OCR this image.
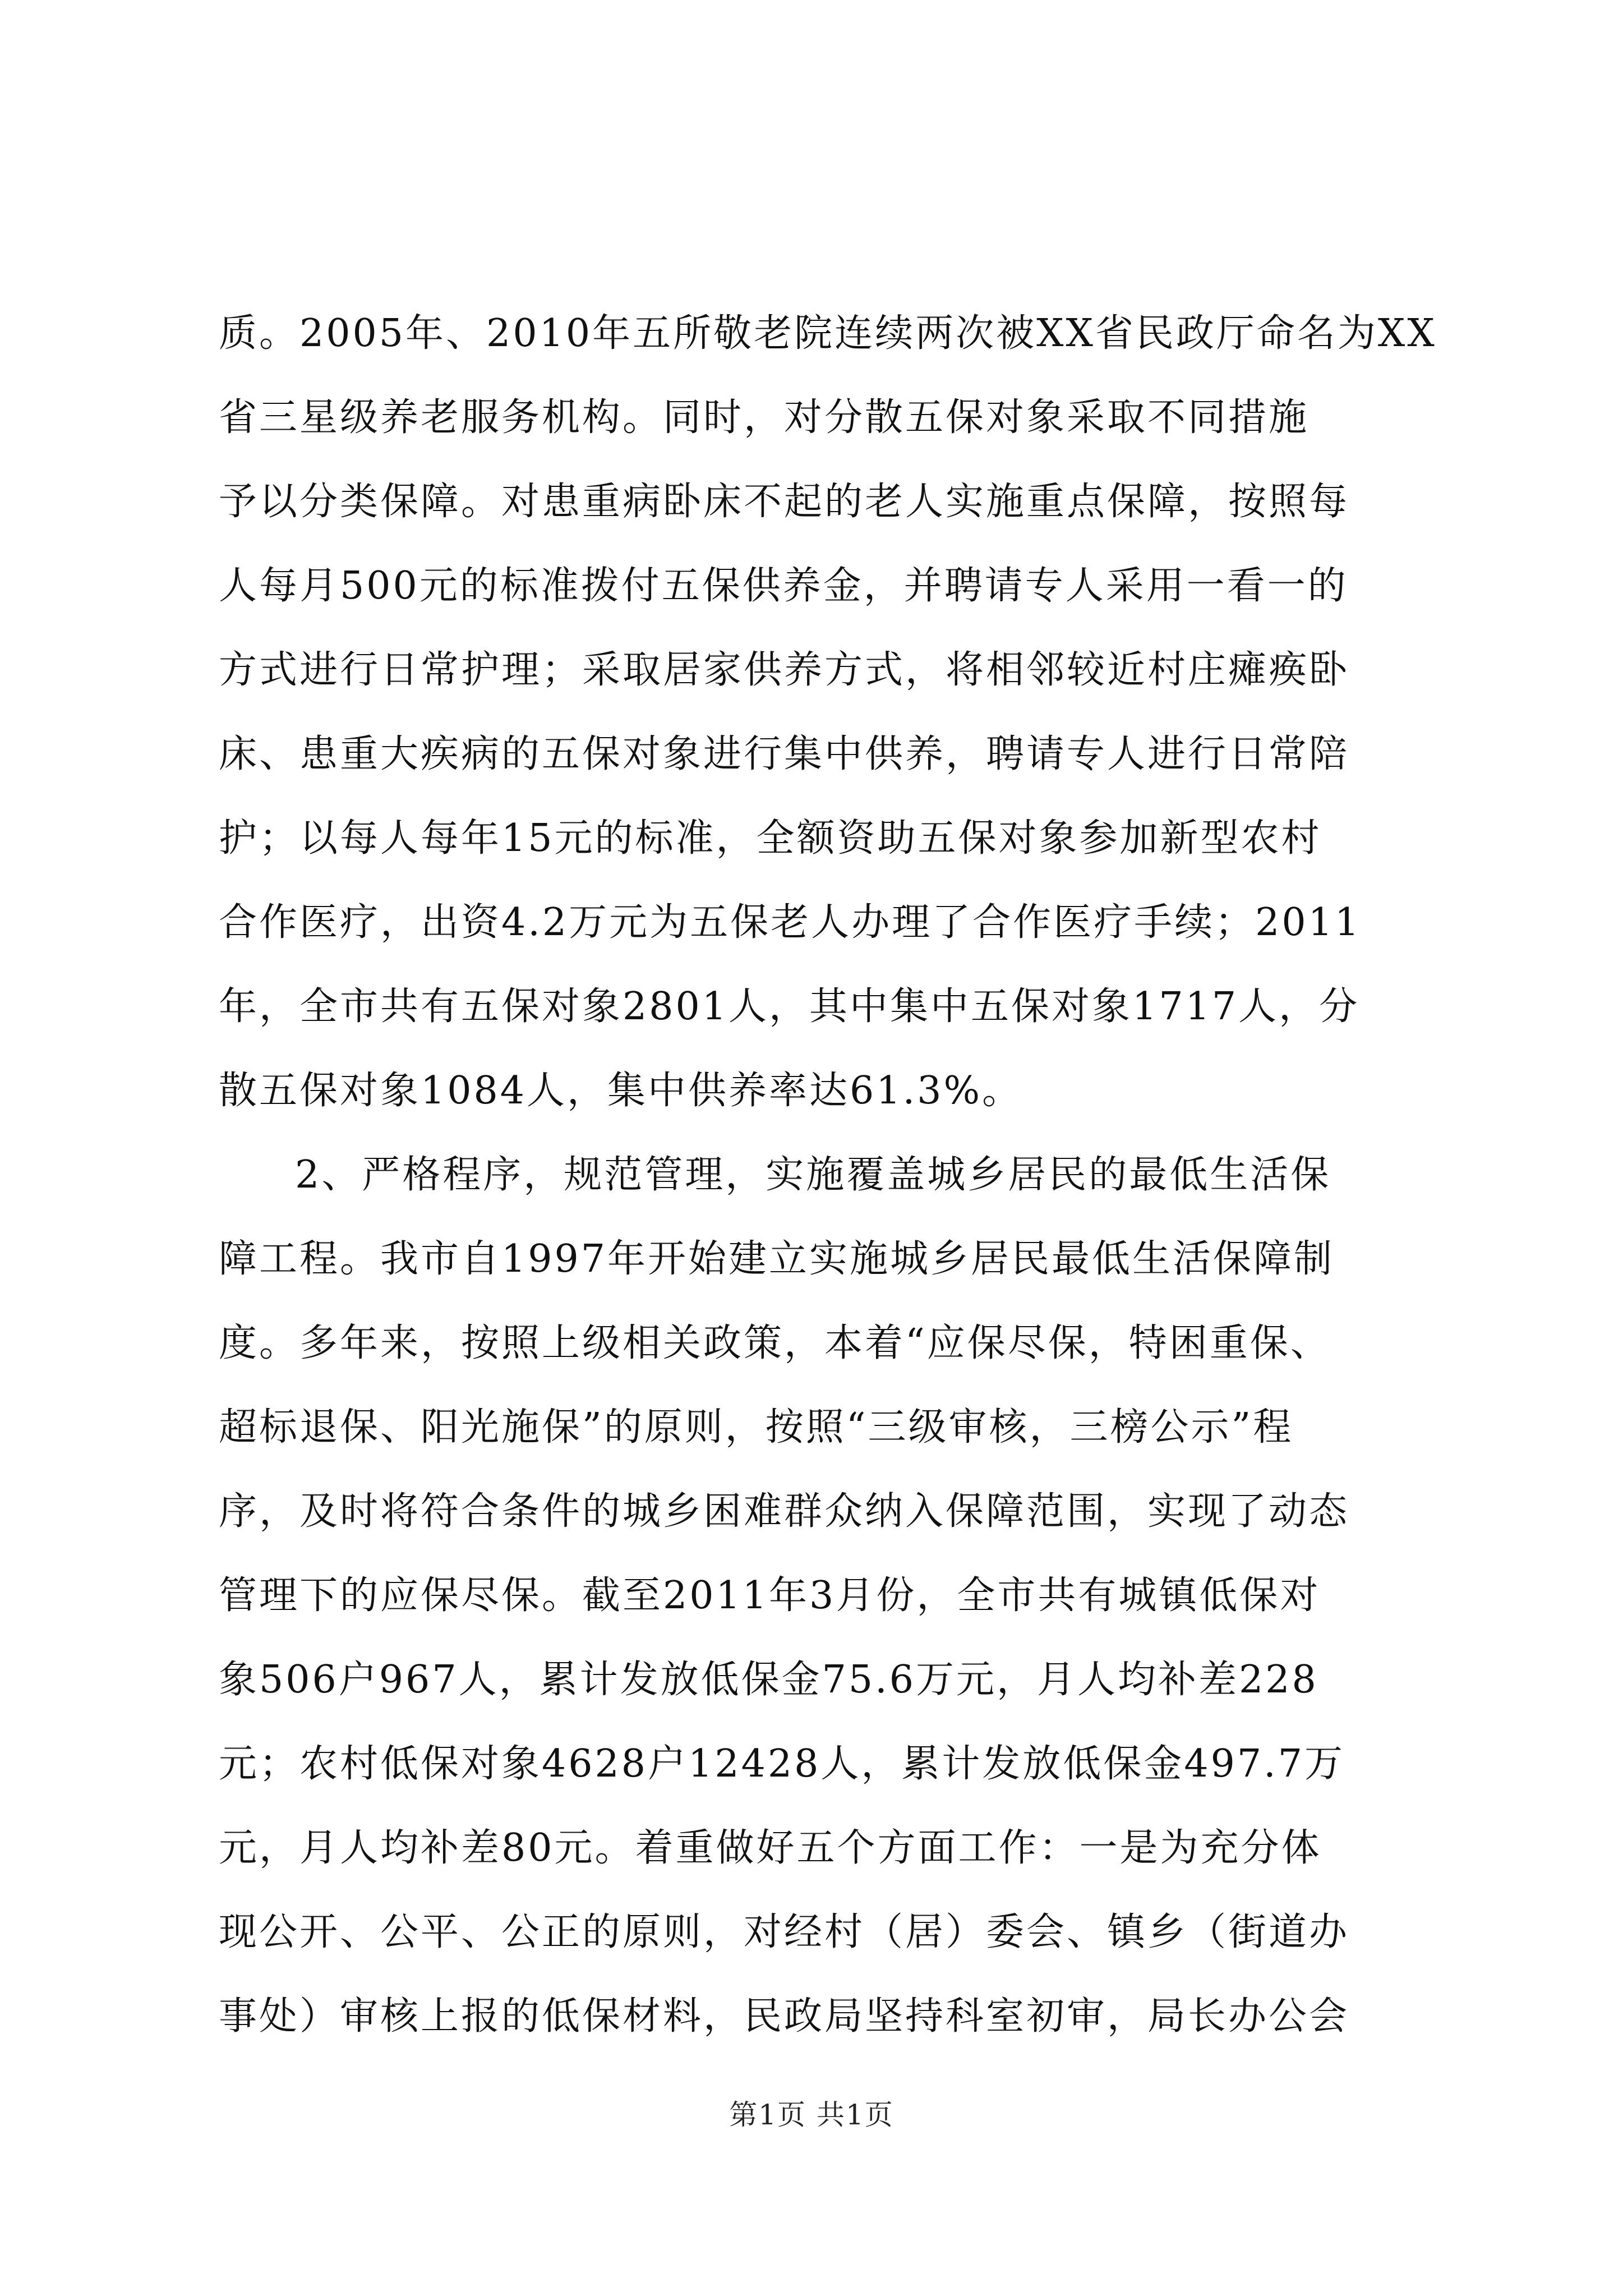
质。2005年、2010年五所敬老院连续两次被XX省民政厅命名为XX
省三星级养老服务机构。同时，对分散五保对象采取不同措施
予以分类保障。对患重病卧床不起的老人实施重点保障，按照每
人每月500元的标准拨付五保供养金，并聘请专人采用一看一的
方式进行日常护理；采取居家供养方式，将相邻较近村庄瘫痪卧
床、患重大疾病的五保对象进行集中供养，聘请专人进行日常陪
护；以每人每年15元的标准，全额资助五保对象参加新型农村
合作医疗，出资4.2万元为五保老人办理了合作医疗手续；2011
年，全市共有五保对象2801人，其中集中五保对象1717人，分
散五保对象1084人，集中供养率达61.3%。
2、严格程序，规范管理，实施覆盖城乡居民的最低生活保
障工程。我市自1997年开始建立实施城乡居民最低生活保障制
度。多年来，按照上级相关政策，本着“应保尽保，特困重保、
超标退保、阳光施保”的原则，按照“三级审核，三榜公示”程
序，及时将符合条件的城乡困难群众纳入保障范围，实现了动态
管理下的应保尽保。截至2011年3月份，全市共有城镇低保对
象506户967人，累计发放低保金75.6万元，月人均补差228
元；农村低保对象4628户12428人，累计发放低保金497.7万
元，月人均补差80元。着重做好五个方面工作：一是为充分体
现公开、公平、公正的原则，对经村（居）委会、镇乡（街道办
事处）审核上报的低保材料，民政局坚持科室初审，局长办公会
第1页 共1页
